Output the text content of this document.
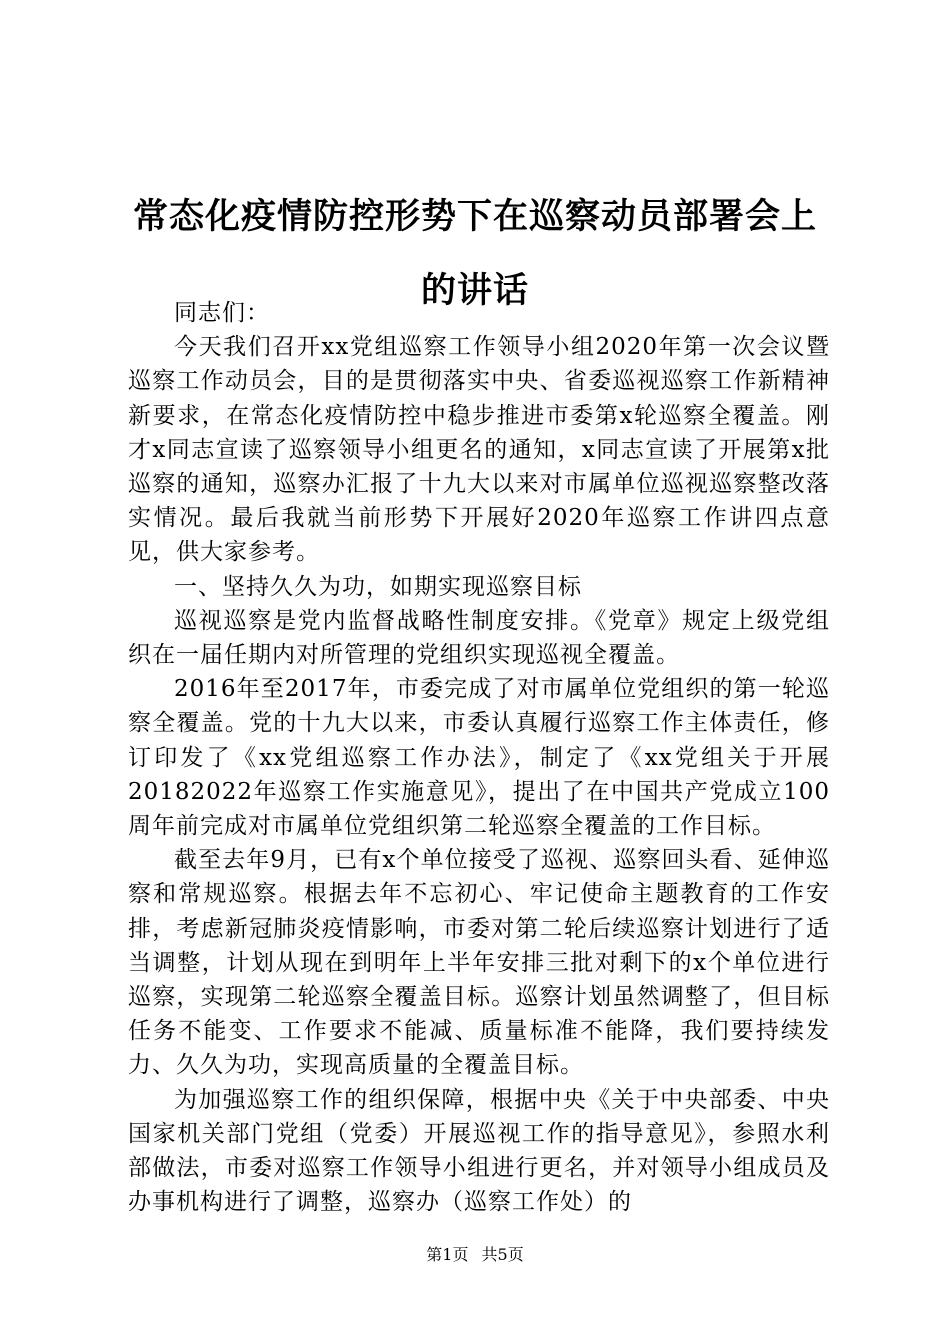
常态化疫情防控形势下在巡察动员部署会上的讲话

同志们：

今天我们召开xx党组巡察工作领导小组2020年第一次会议暨巡察工作动员会，目的是贯彻落实中央、省委巡视巡察工作新精神新要求，在常态化疫情防控中稳步推进市委第x轮巡察全覆盖。刚才x同志宣读了巡察领导小组更名的通知，x同志宣读了开展第x批巡察的通知，巡察办汇报了十九大以来对市属单位巡视巡察整改落实情况。最后我就当前形势下开展好2020年巡察工作讲四点意见，供大家参考。

一、坚持久久为功，如期实现巡察目标

巡视巡察是党内监督战略性制度安排。《党章》规定上级党组织在一届任期内对所管理的党组织实现巡视全覆盖。

2016年至2017年，市委完成了对市属单位党组织的第一轮巡察全覆盖。党的十九大以来，市委认真履行巡察工作主体责任，修订印发了《xx党组巡察工作办法》，制定了《xx党组关于开展20182022年巡察工作实施意见》，提出了在中国共产党成立100周年前完成对市属单位党组织第二轮巡察全覆盖的工作目标。

截至去年9月，已有x个单位接受了巡视、巡察回头看、延伸巡察和常规巡察。根据去年不忘初心、牢记使命主题教育的工作安排，考虑新冠肺炎疫情影响，市委对第二轮后续巡察计划进行了适当调整，计划从现在到明年上半年安排三批对剩下的x个单位进行巡察，实现第二轮巡察全覆盖目标。巡察计划虽然调整了，但目标任务不能变、工作要求不能减、质量标准不能降，我们要持续发力、久久为功，实现高质量的全覆盖目标。

为加强巡察工作的组织保障，根据中央《关于中央部委、中央国家机关部门党组（党委）开展巡视工作的指导意见》，参照水利部做法，市委对巡察工作领导小组进行更名，并对领导小组成员及办事机构进行了调整，巡察办（巡察工作处）的

第1页 共5页
